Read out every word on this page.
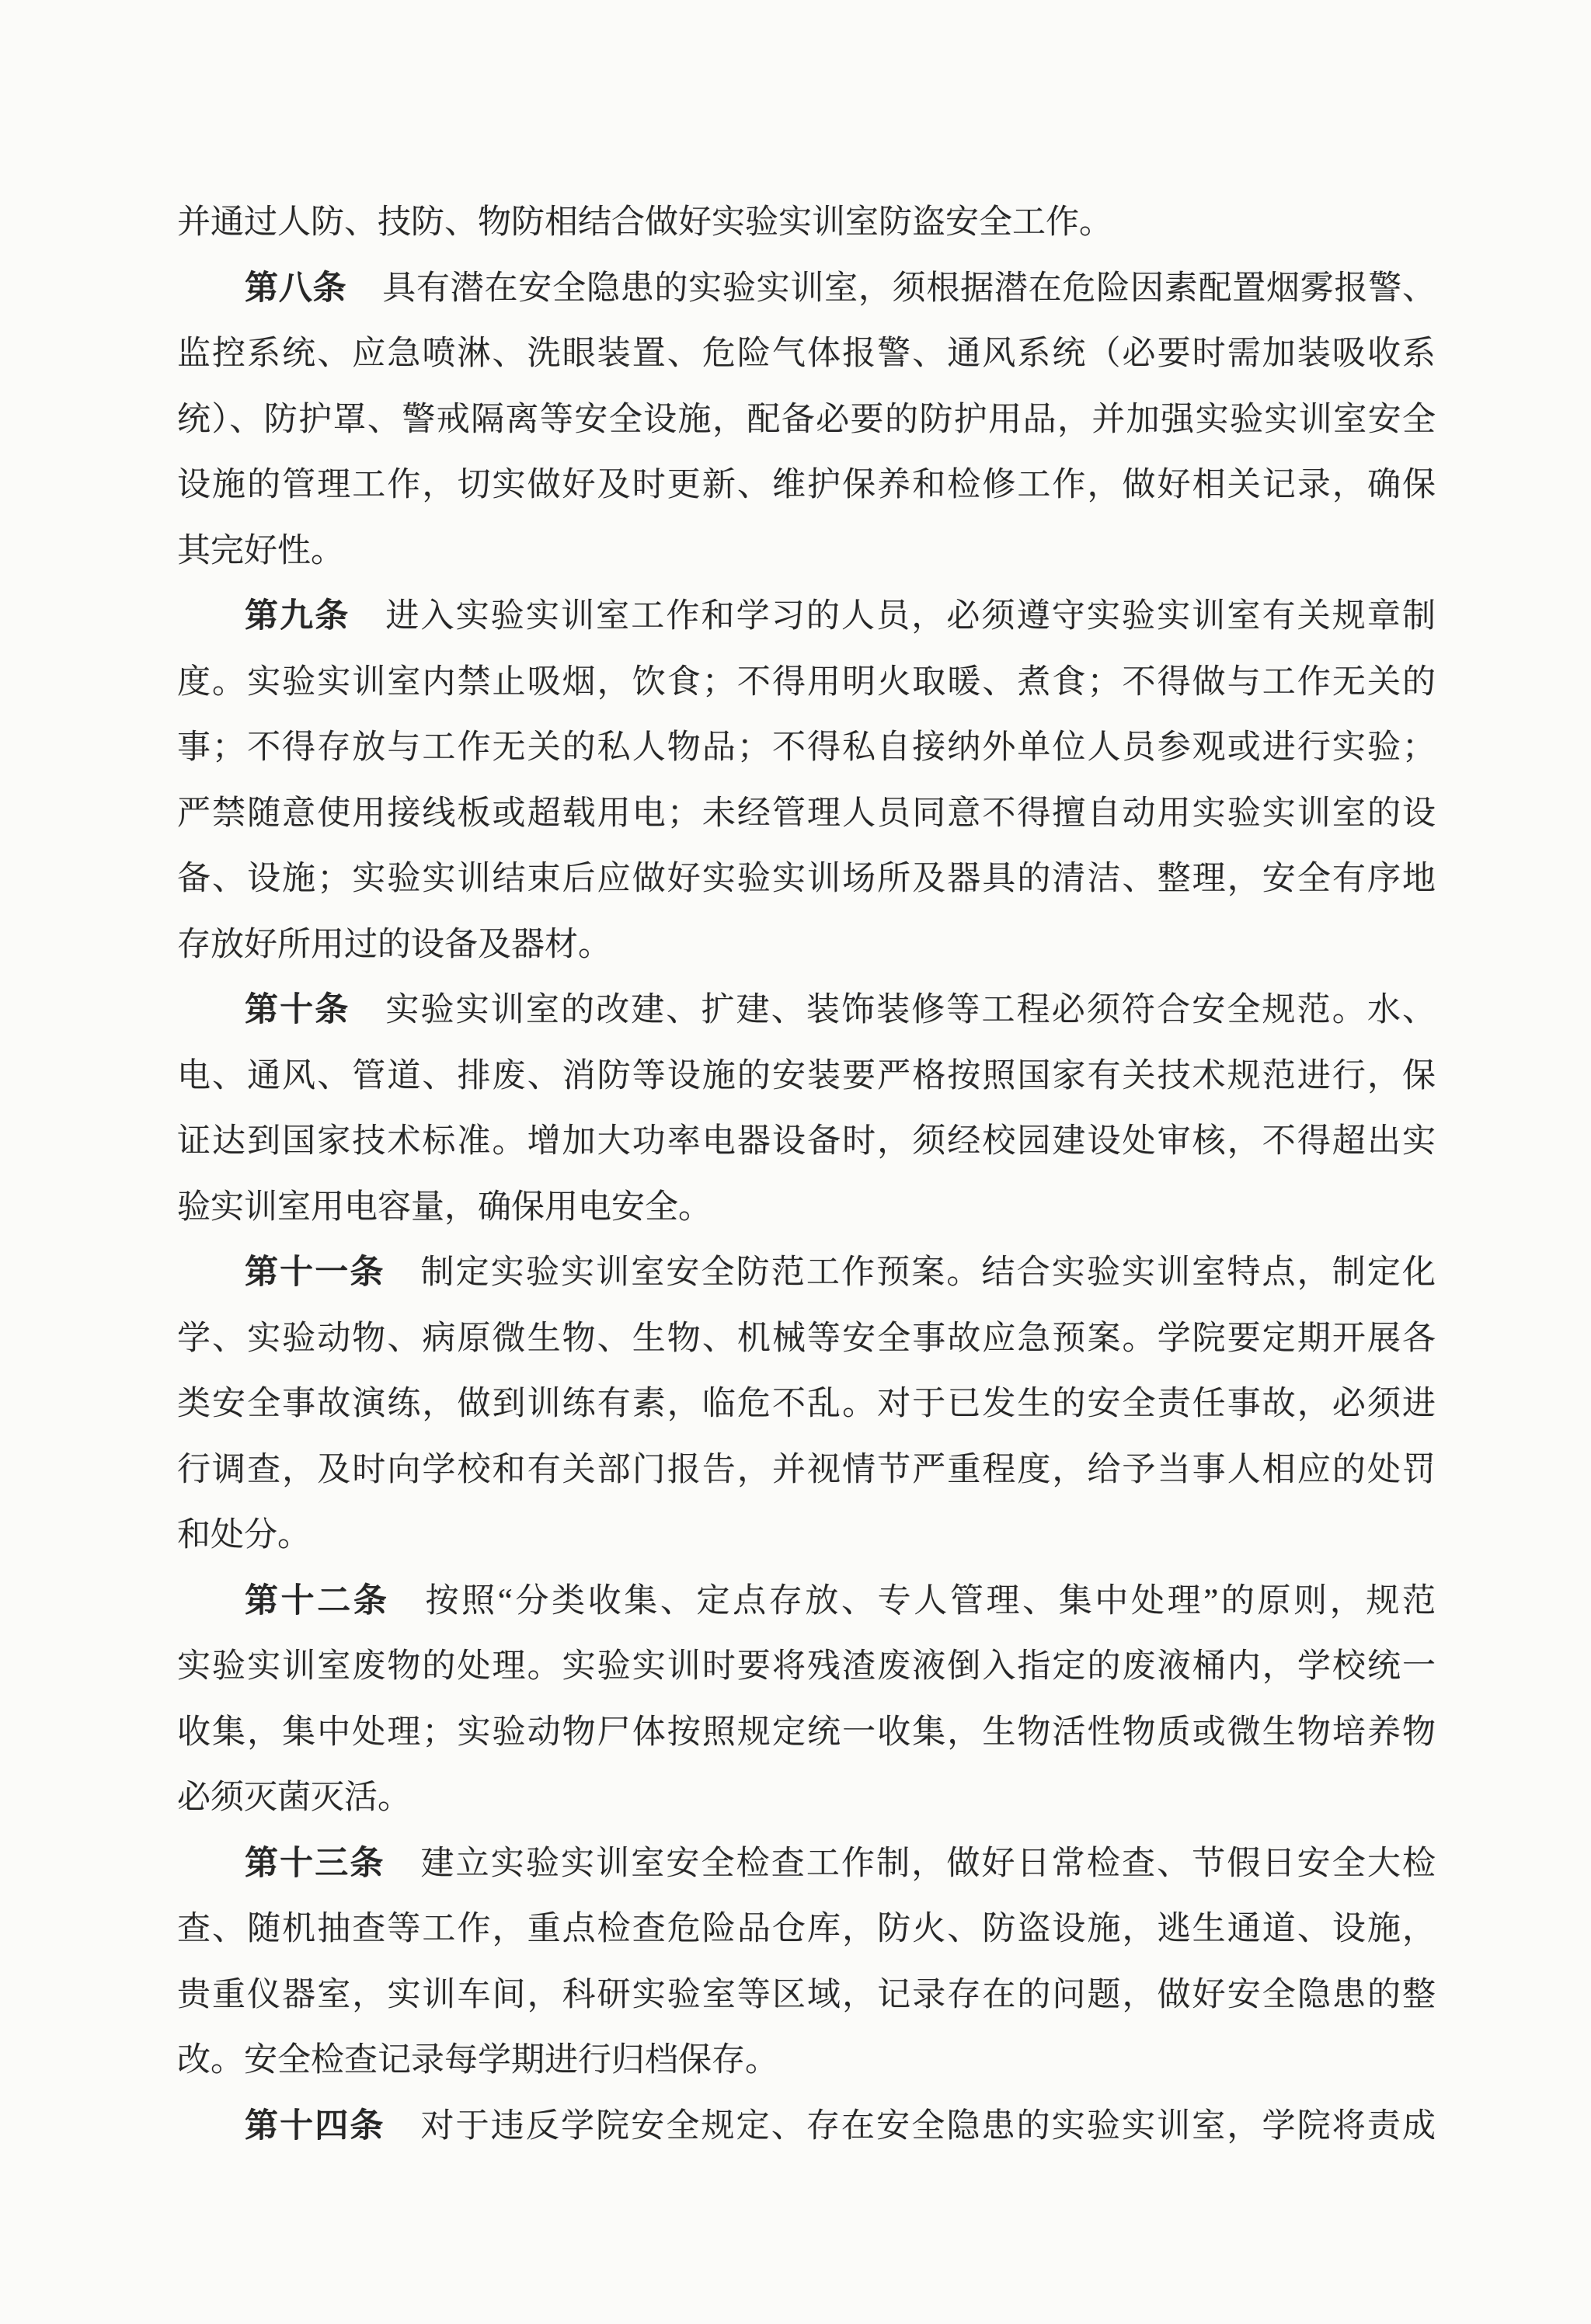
并通过人防、技防、物防相结合做好实验实训室防盗安全工作。
第八条 具有潜在安全隐患的实验实训室，须根据潜在危险因素配置烟雾报警、
监控系统、应急喷淋、洗眼装置、危险气体报警、通风系统（必要时需加装吸收系
统）、防护罩、警戒隔离等安全设施，配备必要的防护用品，并加强实验实训室安全
设施的管理工作，切实做好及时更新、维护保养和检修工作，做好相关记录，确保
其完好性。
第九条 进入实验实训室工作和学习的人员，必须遵守实验实训室有关规章制
度。实验实训室内禁止吸烟，饮食；不得用明火取暖、煮食；不得做与工作无关的
事；不得存放与工作无关的私人物品；不得私自接纳外单位人员参观或进行实验；
严禁随意使用接线板或超载用电；未经管理人员同意不得擅自动用实验实训室的设
备、设施；实验实训结束后应做好实验实训场所及器具的清洁、整理，安全有序地
存放好所用过的设备及器材。
第十条 实验实训室的改建、扩建、装饰装修等工程必须符合安全规范。水、
电、通风、管道、排废、消防等设施的安装要严格按照国家有关技术规范进行，保
证达到国家技术标准。增加大功率电器设备时，须经校园建设处审核，不得超出实
验实训室用电容量，确保用电安全。
第十一条 制定实验实训室安全防范工作预案。结合实验实训室特点，制定化
学、实验动物、病原微生物、生物、机械等安全事故应急预案。学院要定期开展各
类安全事故演练，做到训练有素，临危不乱。对于已发生的安全责任事故，必须进
行调查，及时向学校和有关部门报告，并视情节严重程度，给予当事人相应的处罚
和处分。
第十二条 按照“分类收集、定点存放、专人管理、集中处理”的原则，规范
实验实训室废物的处理。实验实训时要将残渣废液倒入指定的废液桶内，学校统一
收集，集中处理；实验动物尸体按照规定统一收集，生物活性物质或微生物培养物
必须灭菌灭活。
第十三条 建立实验实训室安全检查工作制，做好日常检查、节假日安全大检
查、随机抽查等工作，重点检查危险品仓库，防火、防盗设施，逃生通道、设施，
贵重仪器室，实训车间，科研实验室等区域，记录存在的问题，做好安全隐患的整
改。安全检查记录每学期进行归档保存。
第十四条 对于违反学院安全规定、存在安全隐患的实验实训室，学院将责成
